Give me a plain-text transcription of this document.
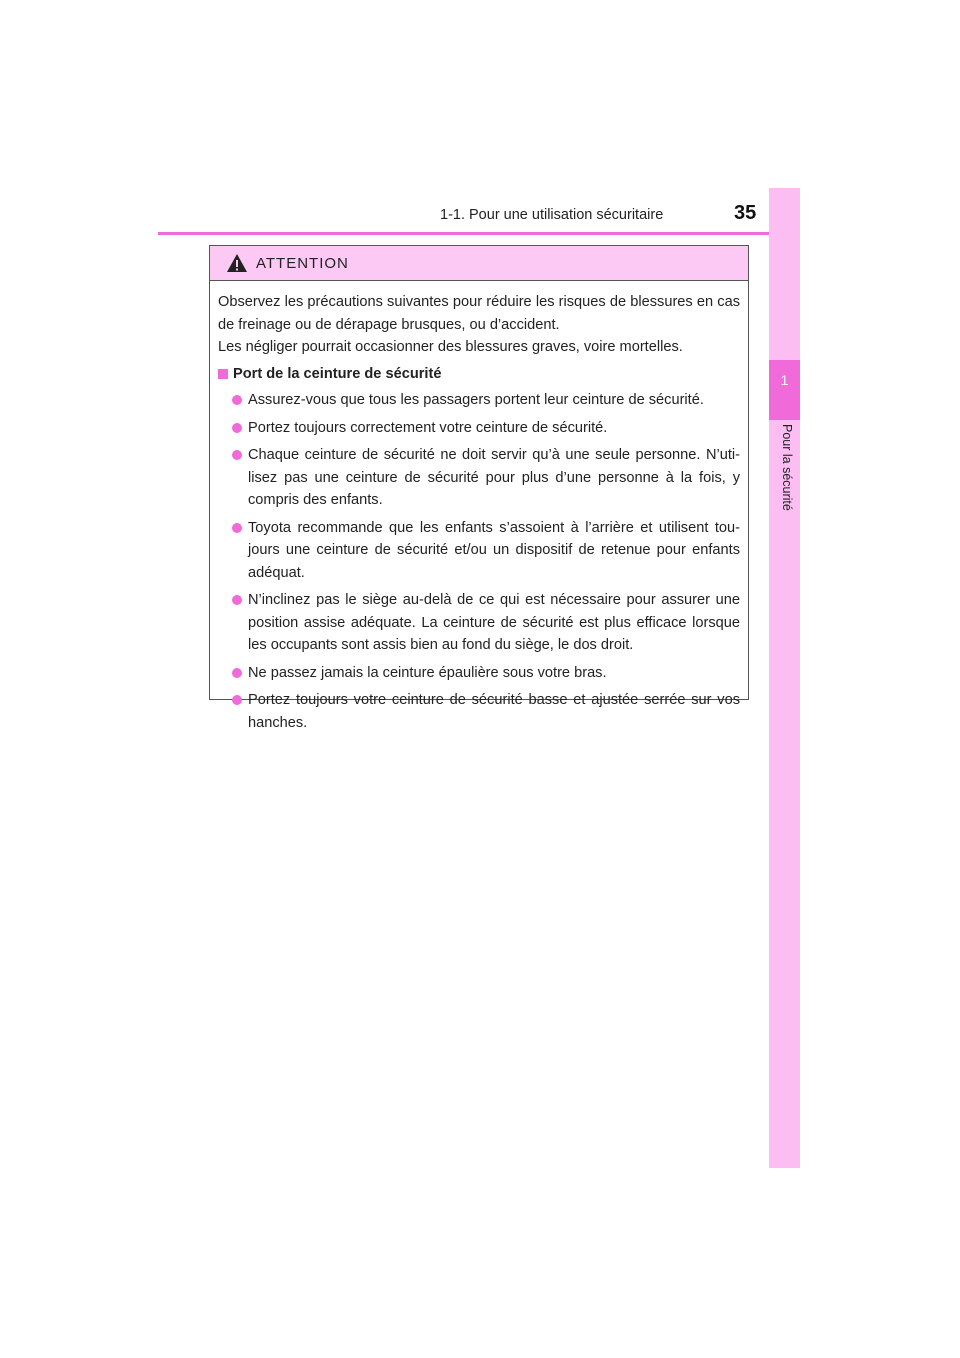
1-1. Pour une utilisation sécuritaire	35
1
Pour la sécurité
ATTENTION

Observez les précautions suivantes pour réduire les risques de blessures en cas de freinage ou de dérapage brusques, ou d’accident.
Les négliger pourrait occasionner des blessures graves, voire mortelles.

Port de la ceinture de sécurité
Assurez-vous que tous les passagers portent leur ceinture de sécurité.
Portez toujours correctement votre ceinture de sécurité.
Chaque ceinture de sécurité ne doit servir qu’à une seule personne. N’uti-lisez pas une ceinture de sécurité pour plus d’une personne à la fois, y compris des enfants.
Toyota recommande que les enfants s’assoient à l’arrière et utilisent tou-jours une ceinture de sécurité et/ou un dispositif de retenue pour enfants adéquat.
N’inclinez pas le siège au-delà de ce qui est nécessaire pour assurer une position assise adéquate. La ceinture de sécurité est plus efficace lorsque les occupants sont assis bien au fond du siège, le dos droit.
Ne passez jamais la ceinture épaulière sous votre bras.
Portez toujours votre ceinture de sécurité basse et ajustée serrée sur vos hanches.
